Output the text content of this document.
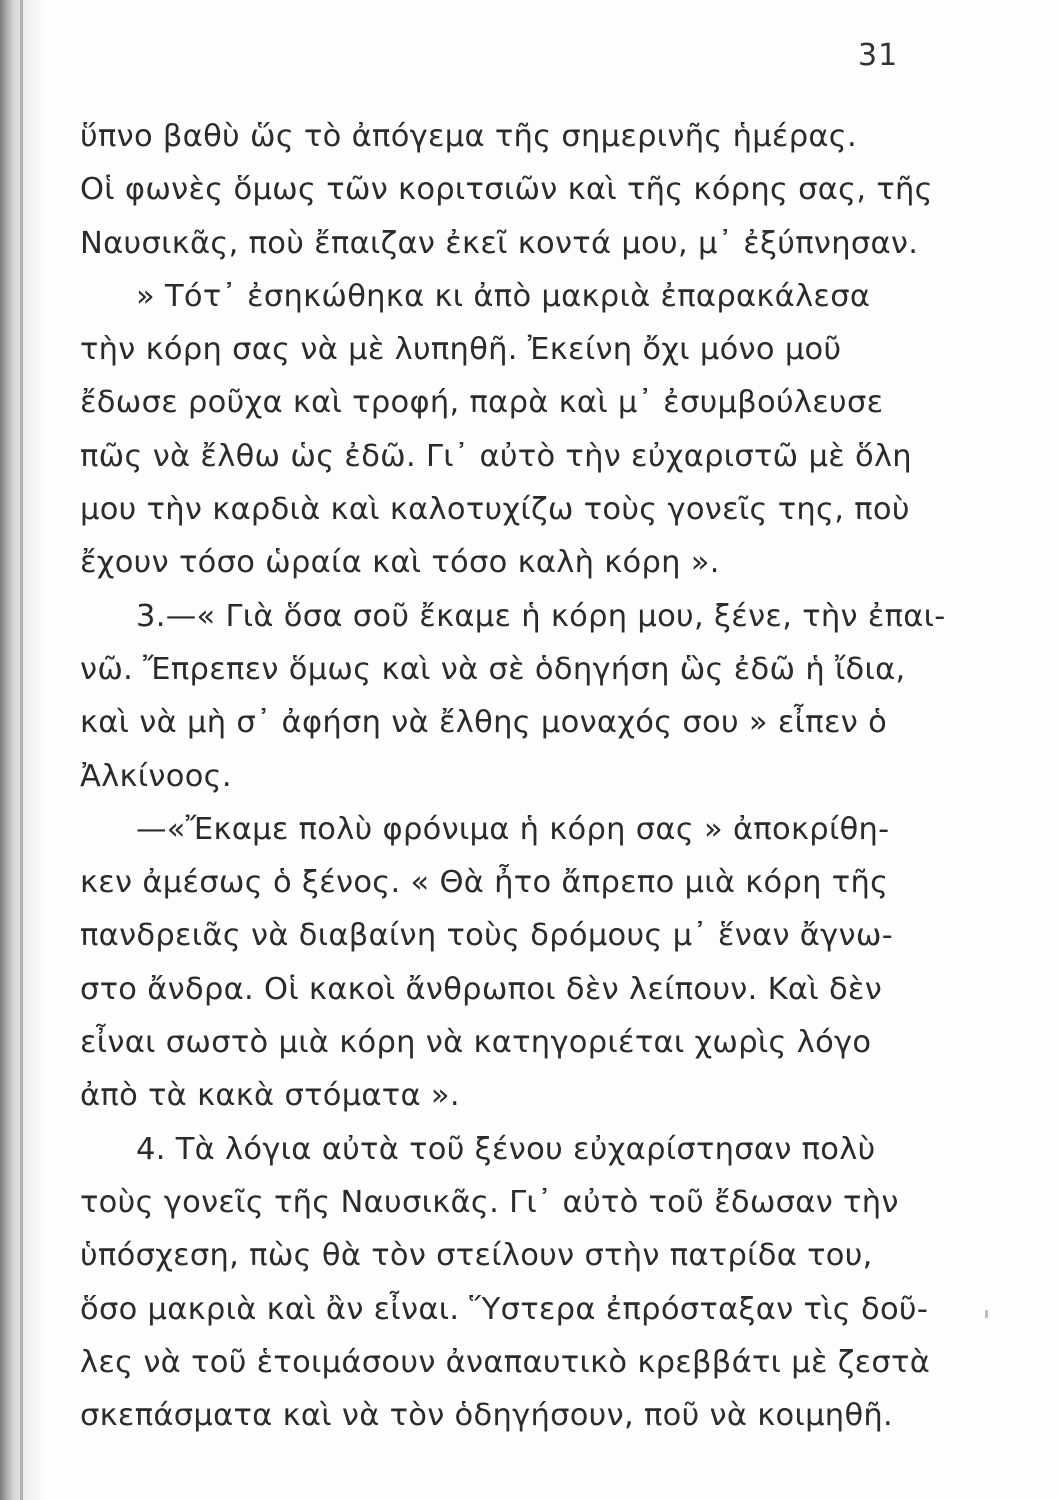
31
ὕπνο βαθὺ ὥς τὸ ἀπόγεμα τῆς σημερινῆς ἡμέρας.
Οἱ φωνὲς ὅμως τῶν κοριτσιῶν καὶ τῆς κόρης σας, τῆς
Ναυσικᾶς, ποὺ ἔπαιζαν ἐκεῖ κοντά μου, μ᾽ ἐξύπνησαν.
» Τότ᾽ ἐσηκώθηκα κι ἀπὸ μακριὰ ἐπαρακάλεσα
τὴν κόρη σας νὰ μὲ λυπηθῆ. Ἐκείνη ὄχι μόνο μοῦ
ἔδωσε ροῦχα καὶ τροφή, παρὰ καὶ μ᾽ ἐσυμβούλευσε
πῶς νὰ ἔλθω ὡς ἐδῶ. Γι᾽ αὐτὸ τὴν εὐχαριστῶ μὲ ὅλη
μου τὴν καρδιὰ καὶ καλοτυχίζω τοὺς γονεῖς της, ποὺ
ἔχουν τόσο ὡραία καὶ τόσο καλὴ κόρη ».
3.—« Γιὰ ὅσα σοῦ ἔκαμε ἡ κόρη μου, ξένε, τὴν ἐπαι-
νῶ. Ἔπρεπεν ὅμως καὶ νὰ σὲ ὁδηγήση ὣς ἐδῶ ἡ ἴδια,
καὶ νὰ μὴ σ᾽ ἀφήση νὰ ἔλθης μοναχός σου » εἶπεν ὁ
Ἀλκίνοος.
—«Ἔκαμε πολὺ φρόνιμα ἡ κόρη σας » ἀποκρίθη-
κεν ἀμέσως ὁ ξένος. « Θὰ ἦτο ἄπρεπο μιὰ κόρη τῆς
πανδρειᾶς νὰ διαβαίνη τοὺς δρόμους μ᾽ ἕναν ἄγνω-
στο ἄνδρα. Οἱ κακοὶ ἄνθρωποι δὲν λείπουν. Καὶ δὲν
εἶναι σωστὸ μιὰ κόρη νὰ κατηγοριέται χωρὶς λόγο
ἀπὸ τὰ κακὰ στόματα ».
4. Τὰ λόγια αὐτὰ τοῦ ξένου εὐχαρίστησαν πολὺ
τοὺς γονεῖς τῆς Ναυσικᾶς. Γι᾽ αὐτὸ τοῦ ἔδωσαν τὴν
ὑπόσχεση, πὼς θὰ τὸν στείλουν στὴν πατρίδα του,
ὅσο μακριὰ καὶ ἂν εἶναι. Ὕστερα ἐπρόσταξαν τὶς δοῦ-
λες νὰ τοῦ ἑτοιμάσουν ἀναπαυτικὸ κρεββάτι μὲ ζεστὰ
σκεπάσματα καὶ νὰ τὸν ὁδηγήσουν, ποῦ νὰ κοιμηθῆ.
